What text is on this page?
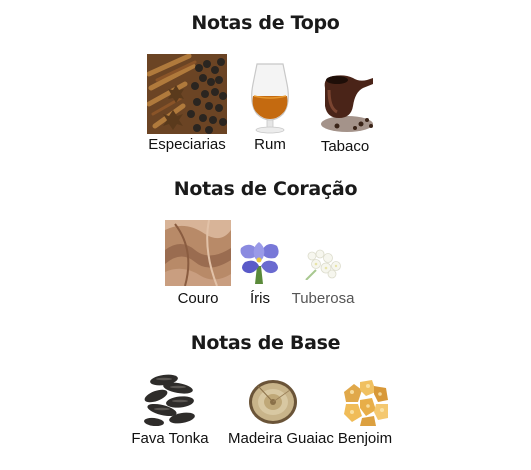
Notas de Topo
Especiarias	Rum	Tabaco
Notas de Coração
Couro	Íris	Tuberosa
Notas de Base
Fava Tonka	Madeira Guaiac Benjoim
